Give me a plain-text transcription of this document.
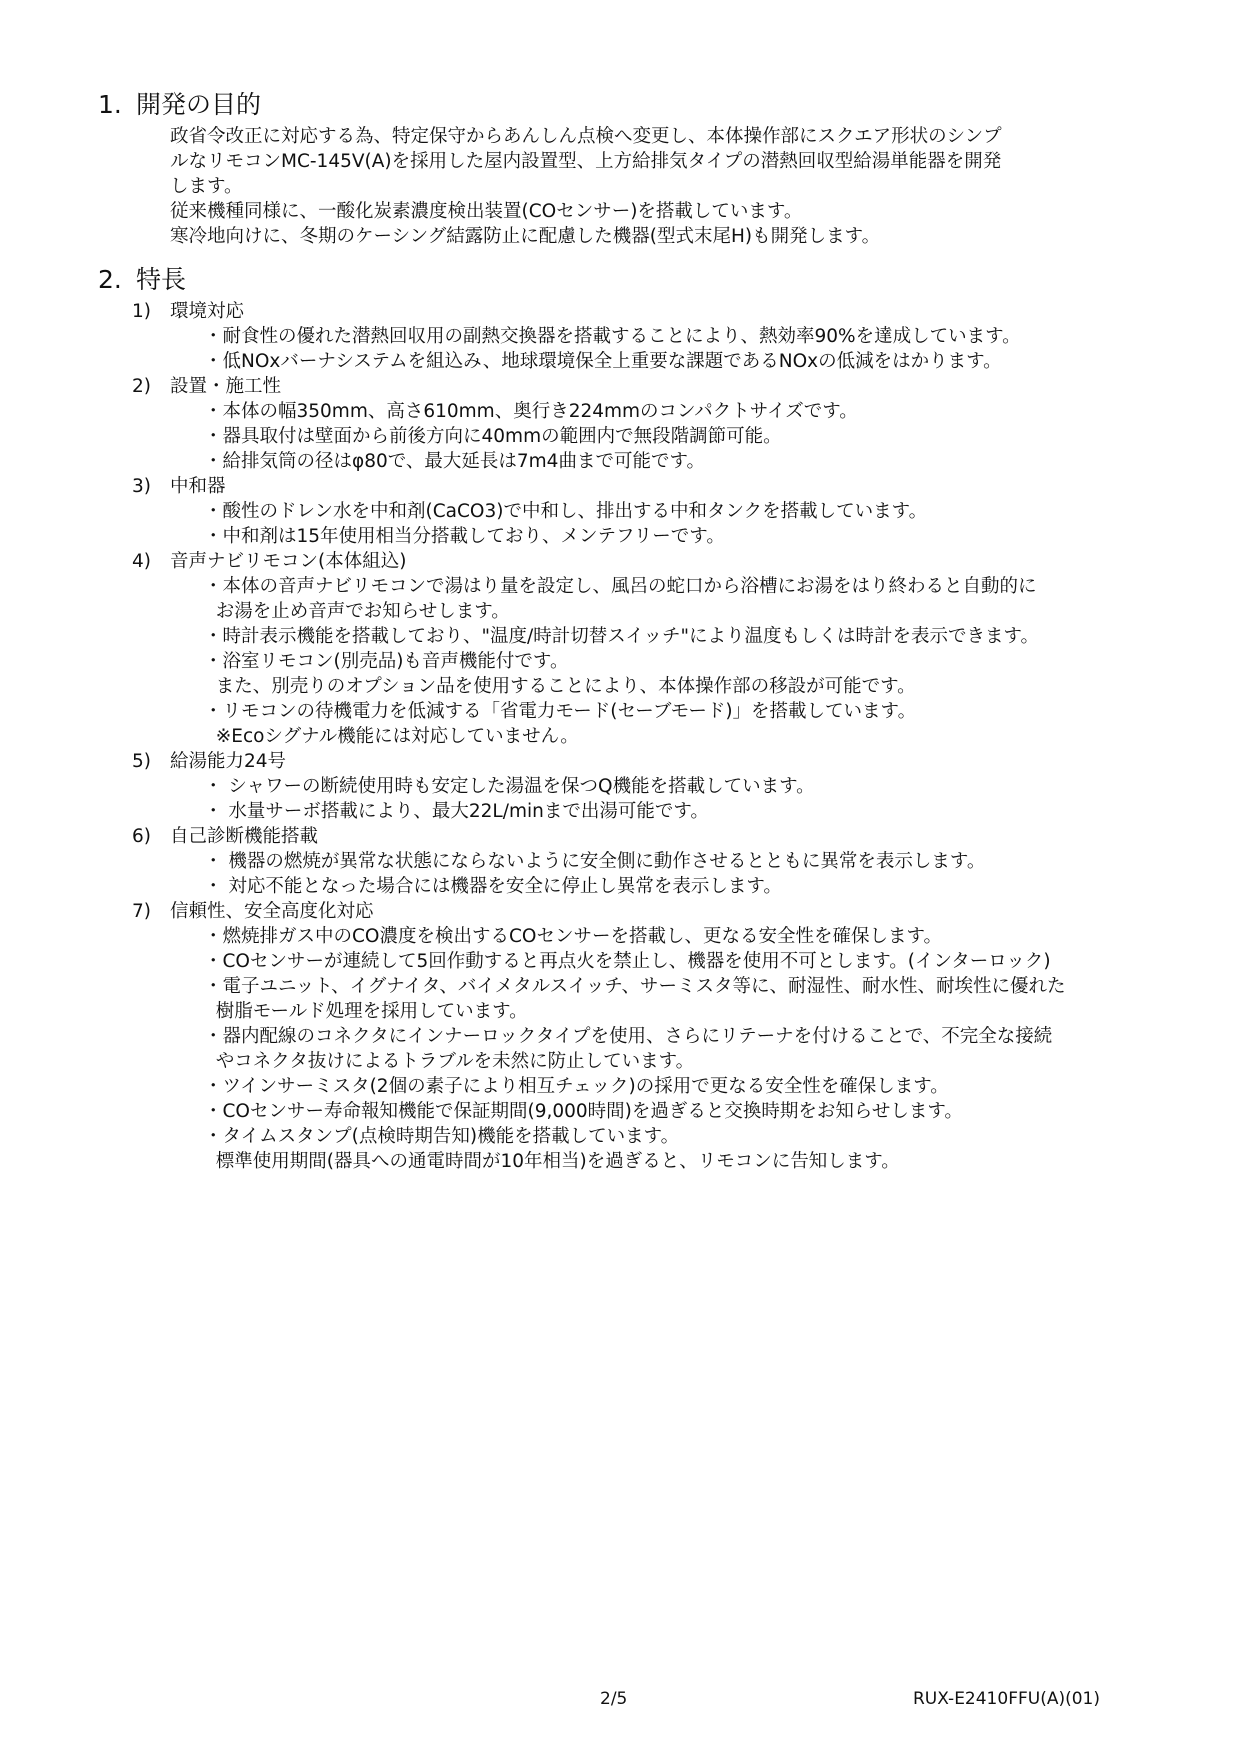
1. 開発の目的

政省令改正に対応する為、特定保守からあんしん点検へ変更し、本体操作部にスクエア形状のシンプ

ルなリモコンMC-145V(A)を採用した屋内設置型、上方給排気タイプの潜熱回収型給湯単能器を開発

します。

従来機種同様に、一酸化炭素濃度検出装置(COセンサー)を搭載しています。

寒冷地向けに、冬期のケーシング結露防止に配慮した機器(型式末尾H)も開発します。

2. 特長
1)	環境対応

・耐食性の優れた潜熱回収用の副熱交換器を搭載することにより、熱効率90%を達成しています。

・低NOxバーナシステムを組込み、地球環境保全上重要な課題であるNOxの低減をはかります。

2)	設置・施工性

・本体の幅350mm、高さ610mm、奥行き224mmのコンパクトサイズです。

・器具取付は壁面から前後方向に40mmの範囲内で無段階調節可能。

・給排気筒の径はφ80で、最大延長は7m4曲まで可能です。

3)	中和器

・酸性のドレン水を中和剤(CaCO3)で中和し、排出する中和タンクを搭載しています。

・中和剤は15年使用相当分搭載しており、メンテフリーです。

4)	音声ナビリモコン(本体組込)

・本体の音声ナビリモコンで湯はり量を設定し、風呂の蛇口から浴槽にお湯をはり終わると自動的に

お湯を止め音声でお知らせします。

・時計表示機能を搭載しており、"温度/時計切替スイッチ"により温度もしくは時計を表示できます。

・浴室リモコン(別売品)も音声機能付です。

また、別売りのオプション品を使用することにより、本体操作部の移設が可能です。

・リモコンの待機電力を低減する「省電力モード(セーブモード)」を搭載しています。

※Ecoシグナル機能には対応していません。

5)	給湯能力24号

・ シャワーの断続使用時も安定した湯温を保つQ機能を搭載しています。

・ 水量サーボ搭載により、最大22L/minまで出湯可能です。

6)	自己診断機能搭載

・ 機器の燃焼が異常な状態にならないように安全側に動作させるとともに異常を表示します。

・ 対応不能となった場合には機器を安全に停止し異常を表示します。

7)	信頼性、安全高度化対応

・燃焼排ガス中のCO濃度を検出するCOセンサーを搭載し、更なる安全性を確保します。

・COセンサーが連続して5回作動すると再点火を禁止し、機器を使用不可とします。(インターロック)

・電子ユニット、イグナイタ、バイメタルスイッチ、サーミスタ等に、耐湿性、耐水性、耐埃性に優れた

樹脂モールド処理を採用しています。

・器内配線のコネクタにインナーロックタイプを使用、さらにリテーナを付けることで、不完全な接続

やコネクタ抜けによるトラブルを未然に防止しています。

・ツインサーミスタ(2個の素子により相互チェック)の採用で更なる安全性を確保します。

・COセンサー寿命報知機能で保証期間(9,000時間)を過ぎると交換時期をお知らせします。

・タイムスタンプ(点検時期告知)機能を搭載しています。

標準使用期間(器具への通電時間が10年相当)を過ぎると、リモコンに告知します。

2/5	RUX-E2410FFU(A)(01)
